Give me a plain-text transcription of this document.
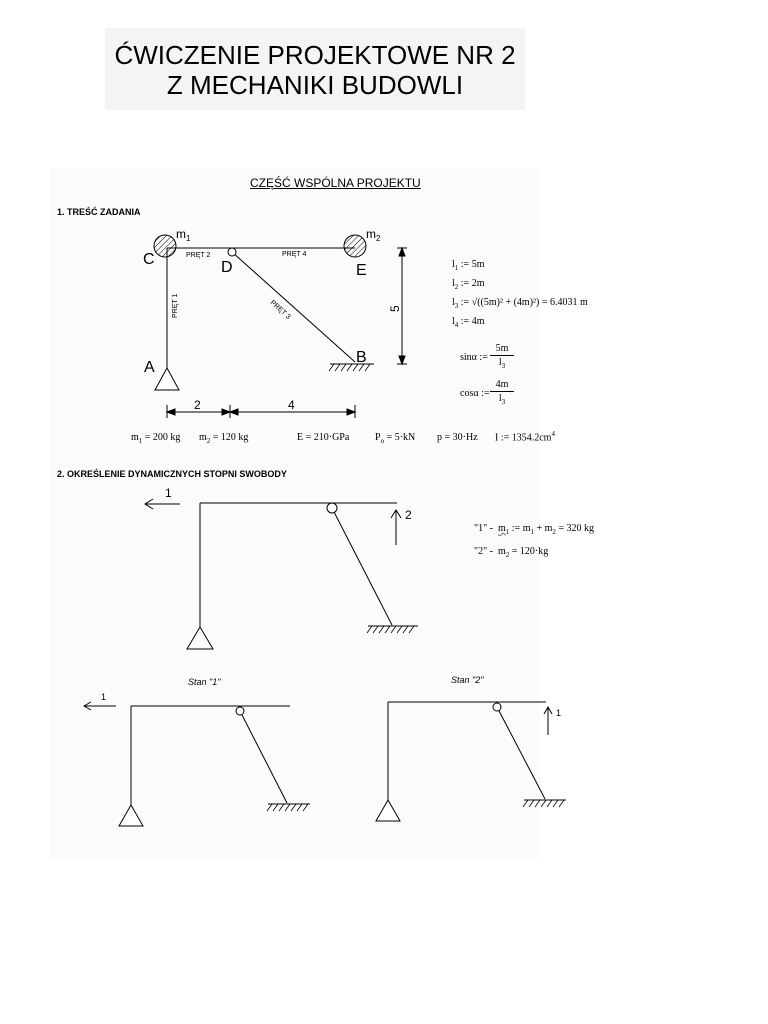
ĆWICZENIE PROJEKTOWE NR 2
Z MECHANIKI BUDOWLI
CZĘŚĆ WSPÓLNA PROJEKTU
1. TREŚĆ ZADANIA
2. OKREŚLENIE DYNAMICZNYCH STOPNI SWOBODY
C	D	E
A
B
$m_1$	$m_2$
PRĘT 2	PRĘT 4
PRĘT 1	PRĘT 3	5
2	4
1
2
1
1
$l_1$ := 5m
$l_2$ := 2m
$l_3$ := √((5m)² + (4m)²) = 6.4031 m
$l_4$ := 4m
sinα := $\frac{5m}{l_3}$
cosα := $\frac{4m}{l_3}$
$m_1 = 200$ kg $m_2 = 120$ kg	E = 210·GPa	$P_o = 5\cdot kN$ p = 30·Hz I := $1354.2cm^4$
"1" - $m_1$ := $m_1 + m_2 = 320$ kg
"2" - $m_2 = 120\cdot kg$
Stan "1"	Stan "2"
